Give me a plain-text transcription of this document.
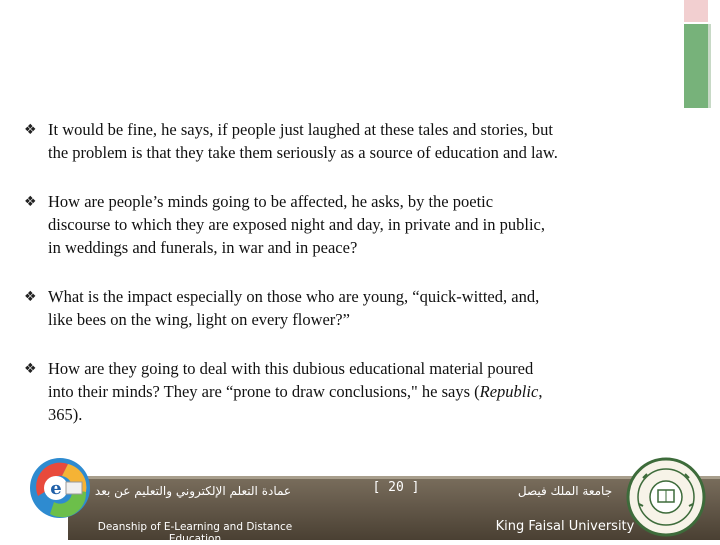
❖ It would be fine, he says, if people just laughed at these tales and stories, but
the problem is that they take them seriously as a source of education and law.
❖ How are people’s minds going to be affected, he asks, by the poetic
discourse to which they are exposed night and day, in private and in public,
in weddings and funerals, in war and in peace?
❖ What is the impact especially on those who are young, “quick-witted, and,
like bees on the wing, light on every flower?”
❖ How are they going to deal with this dubious educational material poured
into their minds? They are “prone to draw conclusions," he says (Republic,
365).
e	عمادة التعلم الإلكتروني والتعليم عن بعد
Deanship of E-Learning and Distance Education
[ 20 ]	جامعة الملك فيصل
King Faisal University
